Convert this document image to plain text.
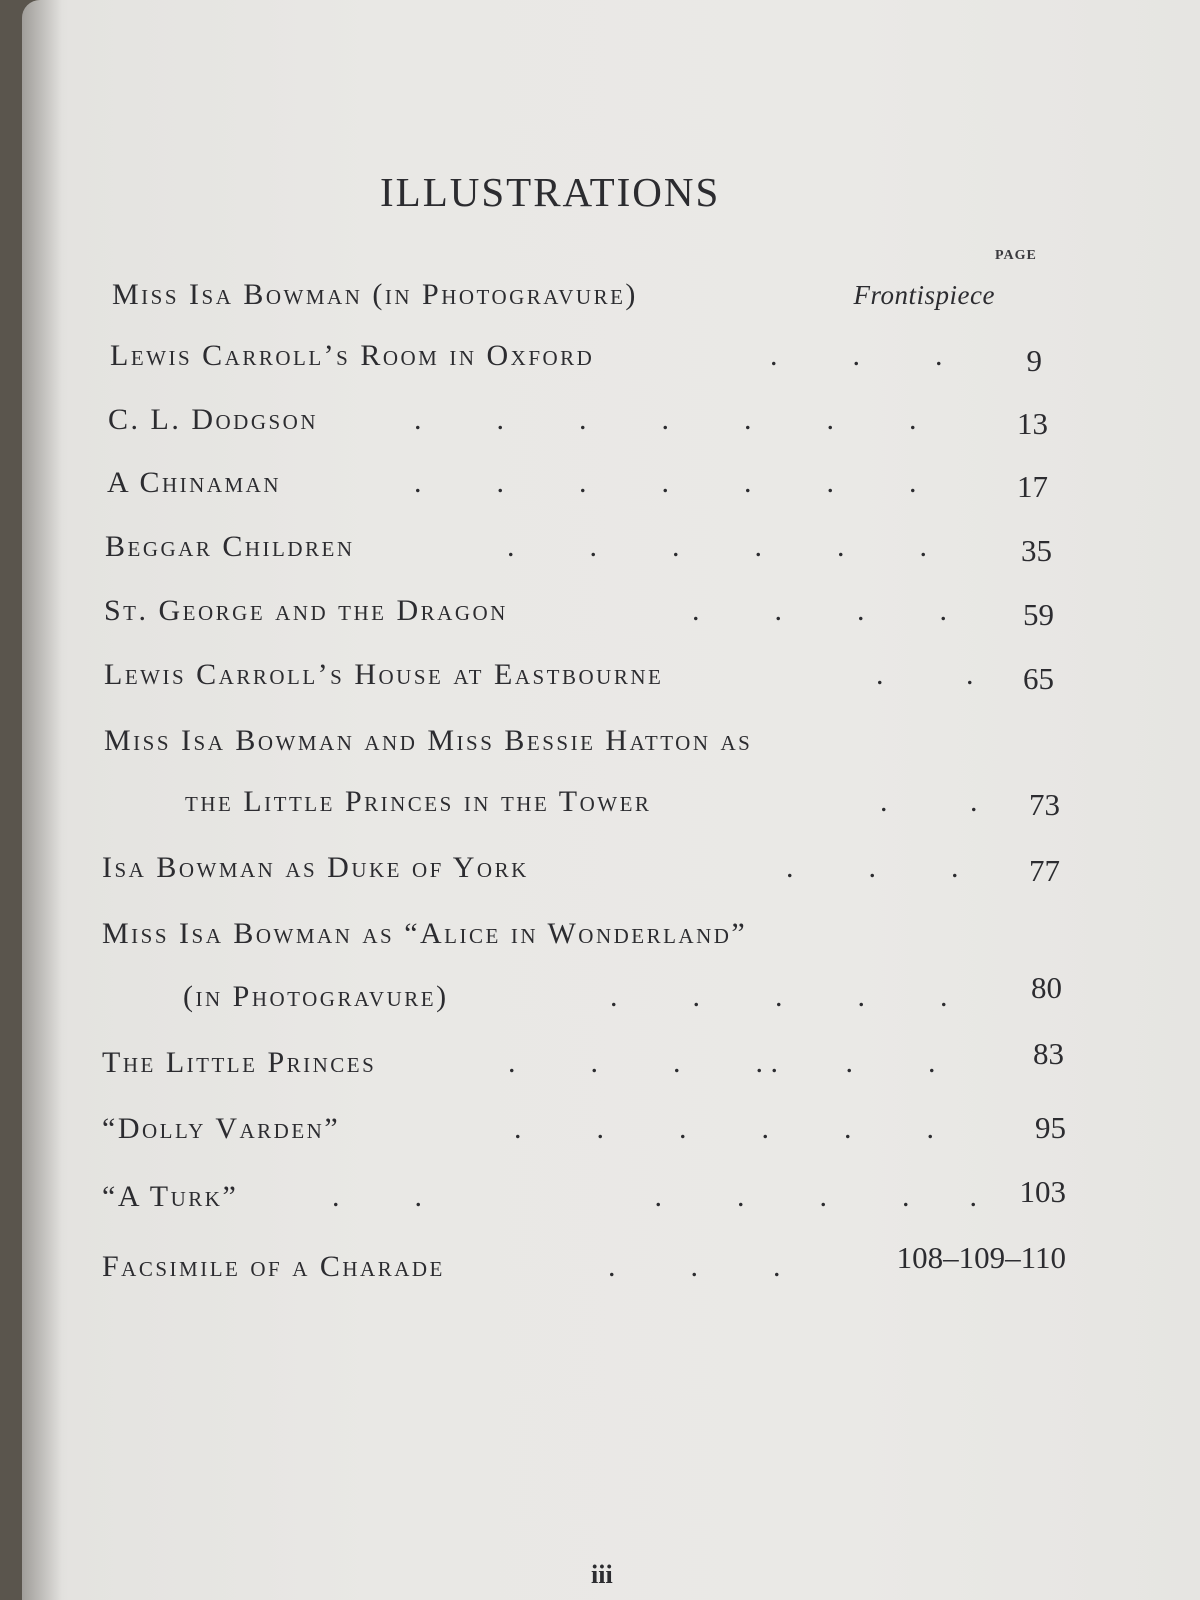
ILLUSTRATIONS
PAGE
Miss Isa Bowman (in Photogravure)	Frontispiece
Lewis Carroll’s Room in Oxford	.          .          .	9
C. L. Dodgson	.          .          .          .          .          .          .	13
A Chinaman	.          .          .          .          .          .          .	17
Beggar Children	.          .          .          .          .          .	35
St. George and the Dragon	.          .          .          . 59
Lewis Carroll’s House at Eastbourne	.           . 65
Miss Isa Bowman and Miss Bessie Hatton as
the Little Princes in the Tower	.           . 73
Isa Bowman as Duke of York	.          .          . 77
Miss Isa Bowman as “Alice in Wonderland”
(in Photogravure)	.          .          .          .          .	80
The Little Princes	.          .          .          . .         .          .	83
“Dolly Varden”	.          .          .          .          .          .	95
“A Turk”	.          .                               .          .          .          .        . 103
Facsimile of a Charade	.          .          .	108–109–110
iii
